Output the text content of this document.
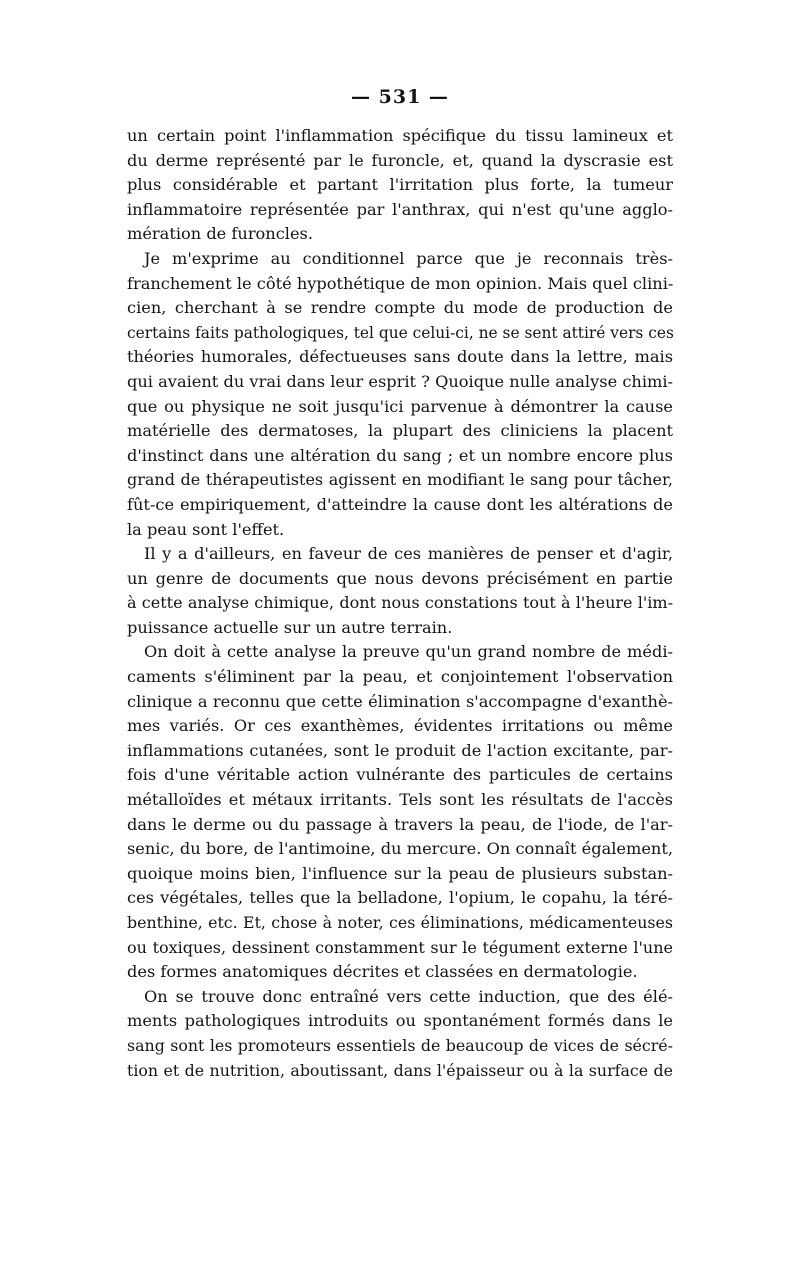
— 531 —
un certain point l'inflammation spécifique du tissu lamineux et
du derme représenté par le furoncle, et, quand la dyscrasie est
plus considérable et partant l'irritation plus forte, la tumeur
inflammatoire représentée par l'anthrax, qui n'est qu'une agglo-
mération de furoncles.
Je m'exprime au conditionnel parce que je reconnais très-
franchement le côté hypothétique de mon opinion. Mais quel clini-
cien, cherchant à se rendre compte du mode de production de
certains faits pathologiques, tel que celui-ci, ne se sent attiré vers ces
théories humorales, défectueuses sans doute dans la lettre, mais
qui avaient du vrai dans leur esprit ? Quoique nulle analyse chimi-
que ou physique ne soit jusqu'ici parvenue à démontrer la cause
matérielle des dermatoses, la plupart des cliniciens la placent
d'instinct dans une altération du sang ; et un nombre encore plus
grand de thérapeutistes agissent en modifiant le sang pour tâcher,
fût-ce empiriquement, d'atteindre la cause dont les altérations de
la peau sont l'effet.
Il y a d'ailleurs, en faveur de ces manières de penser et d'agir,
un genre de documents que nous devons précisément en partie
à cette analyse chimique, dont nous constations tout à l'heure l'im-
puissance actuelle sur un autre terrain.
On doit à cette analyse la preuve qu'un grand nombre de médi-
caments s'éliminent par la peau, et conjointement l'observation
clinique a reconnu que cette élimination s'accompagne d'exanthè-
mes variés. Or ces exanthèmes, évidentes irritations ou même
inflammations cutanées, sont le produit de l'action excitante, par-
fois d'une véritable action vulnérante des particules de certains
métalloïdes et métaux irritants. Tels sont les résultats de l'accès
dans le derme ou du passage à travers la peau, de l'iode, de l'ar-
senic, du bore, de l'antimoine, du mercure. On connaît également,
quoique moins bien, l'influence sur la peau de plusieurs substan-
ces végétales, telles que la belladone, l'opium, le copahu, la téré-
benthine, etc. Et, chose à noter, ces éliminations, médicamenteuses
ou toxiques, dessinent constamment sur le tégument externe l'une
des formes anatomiques décrites et classées en dermatologie.
On se trouve donc entraîné vers cette induction, que des élé-
ments pathologiques introduits ou spontanément formés dans le
sang sont les promoteurs essentiels de beaucoup de vices de sécré-
tion et de nutrition, aboutissant, dans l'épaisseur ou à la surface de
